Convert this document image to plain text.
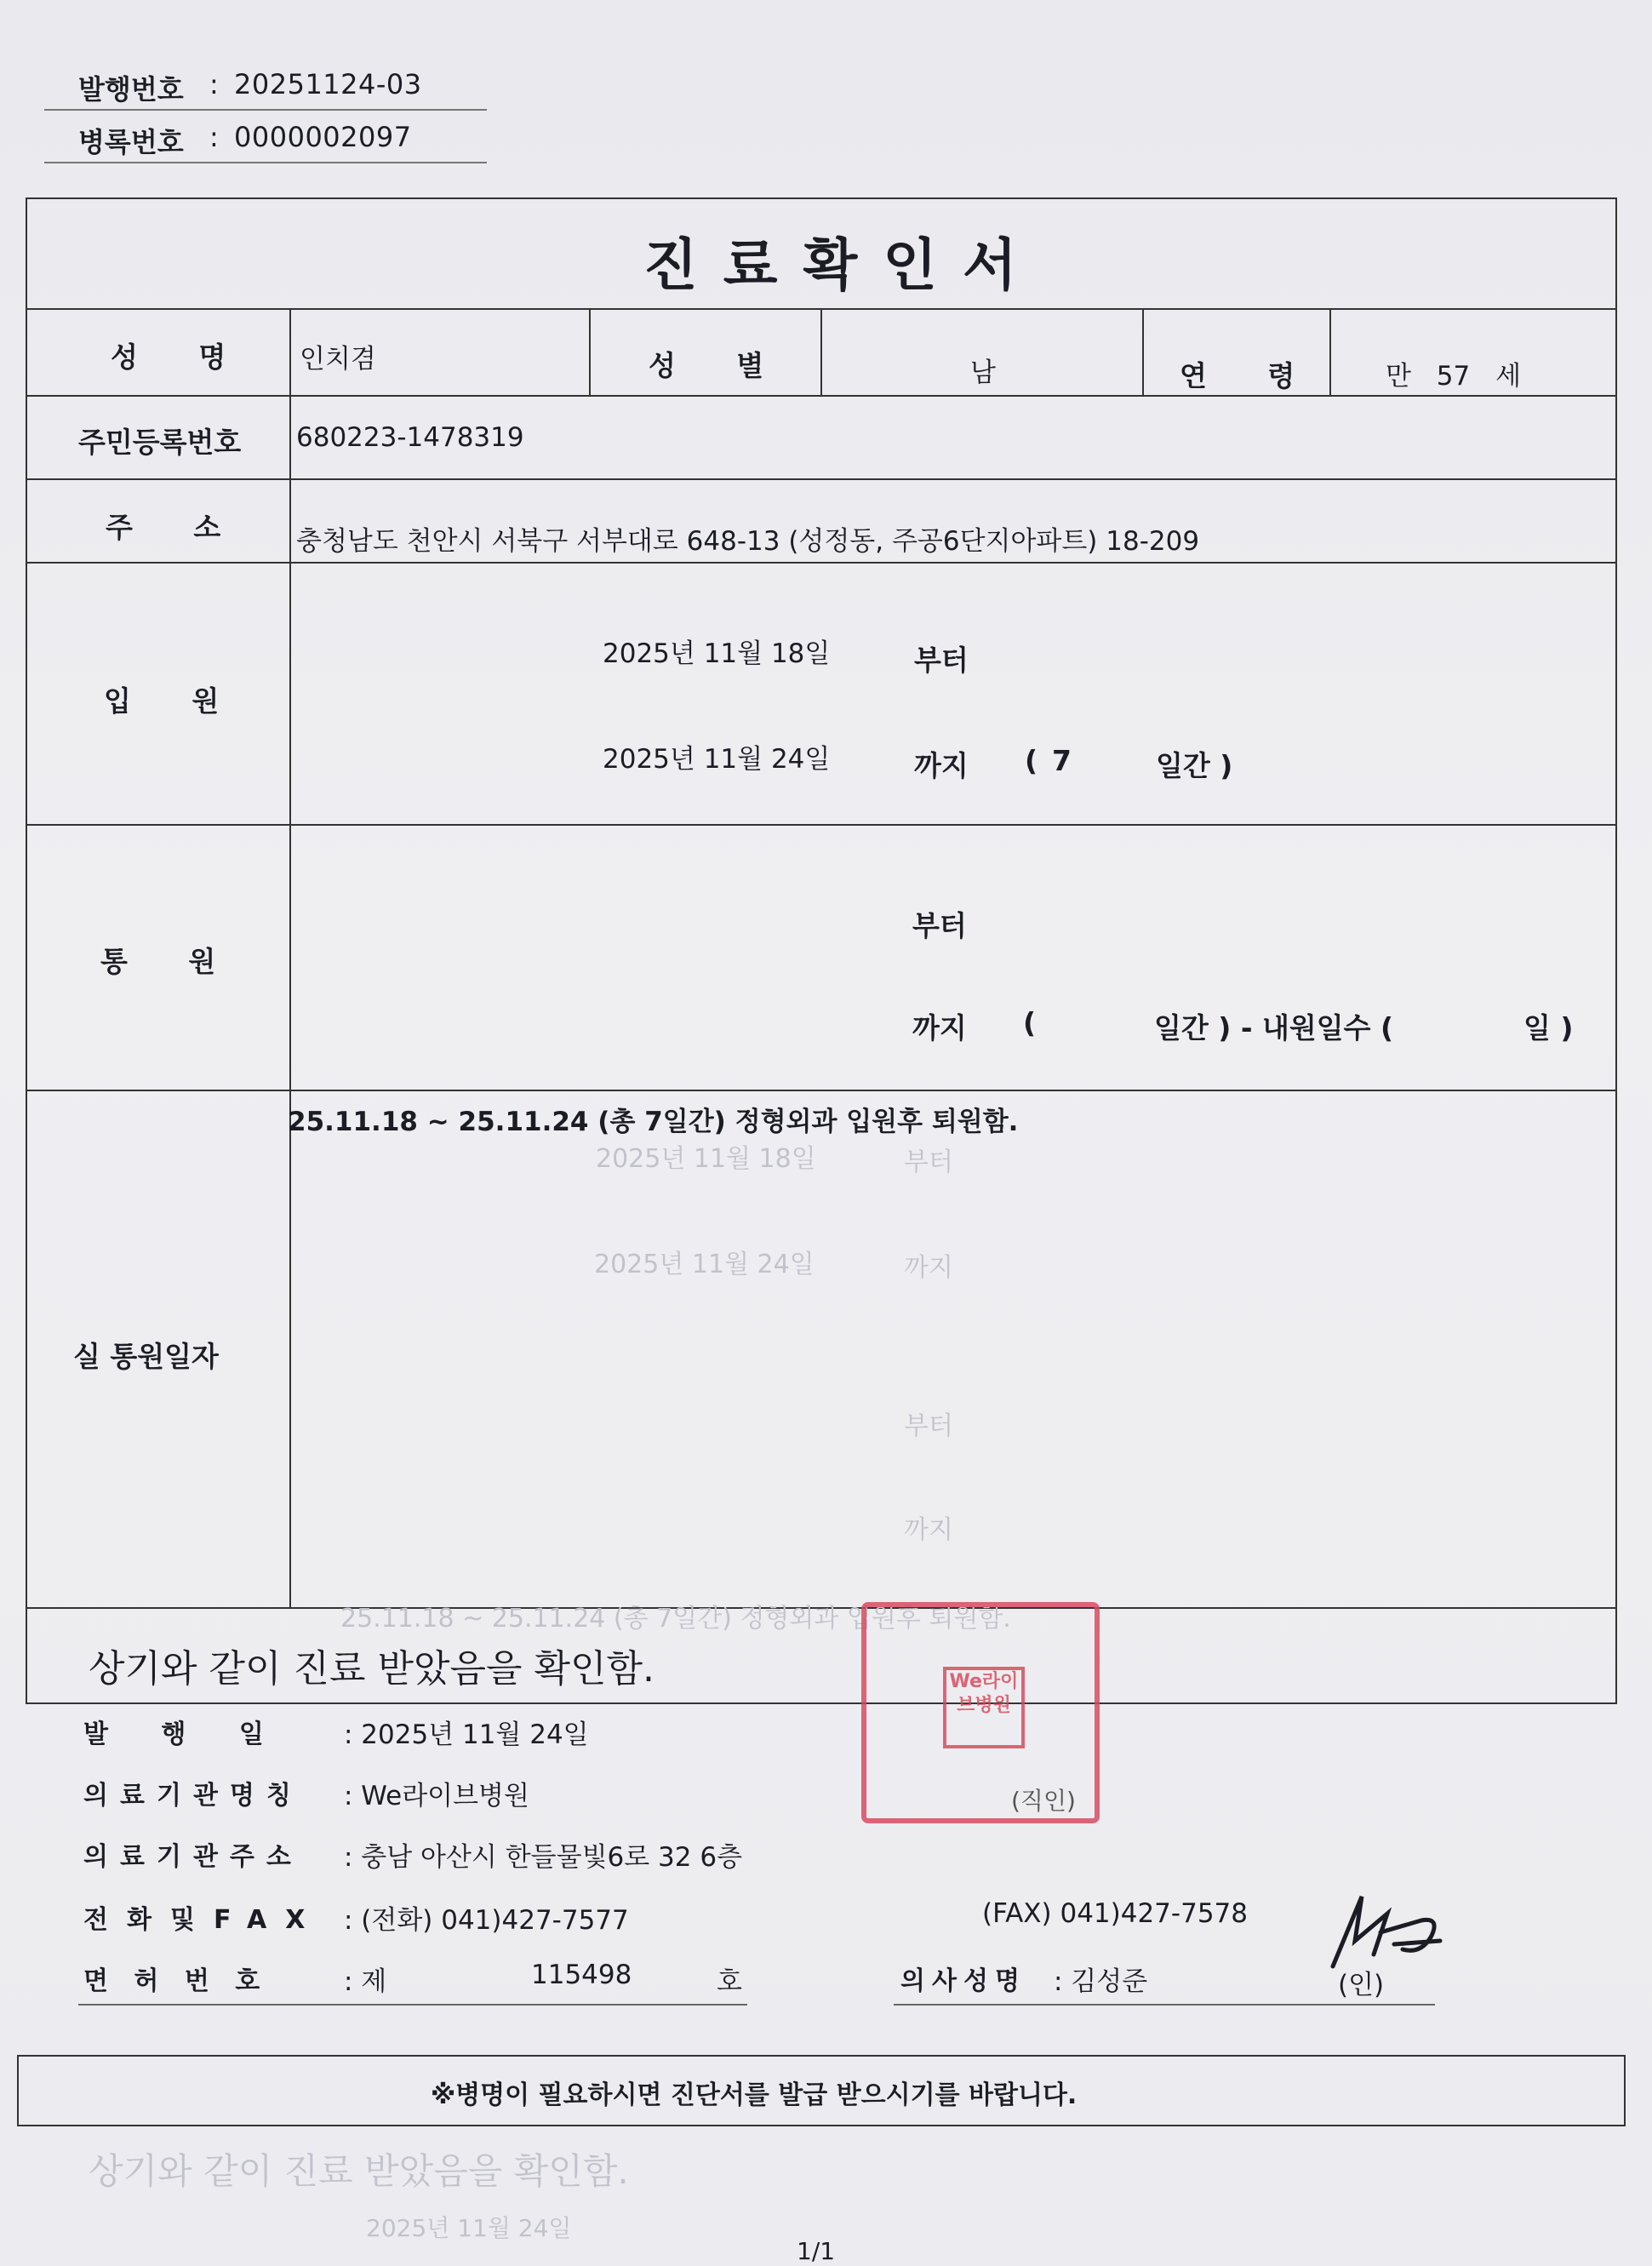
발행번호 : 20251124-03
병록번호 : 0000002097
진료확인서
성 명	인치겸	성 별	남	연 령	만 57 세
주민등록번호 680223-1478319
주 소	충청남도 천안시 서북구 서부대로 648-13 (성정동, 주공6단지아파트) 18-209
입 원
2025년 11월 18일	부터
2025년 11월 24일	까지 ( 7	일간 )
통 원
부터
까지 (	일간 ) - 내원일수 (	일 )
실 통원일자
25.11.18 ~ 25.11.24 (총 7일간) 정형외과 입원후 퇴원함.
2025년 11월 18일	부터
2025년 11월 24일	까지
부터
까지
25.11.18 ~ 25.11.24 (총 7일간) 정형외과 입원후 퇴원함.
상기와 같이 진료 받았음을 확인함.
발 행 일 : 2025년 11월 24일
의료기관명칭 : We라이브병원
의료기관주소 : 충남 아산시 한들물빛6로 32 6층
전화및FAX : (전화) 041)427-7577	(FAX) 041)427-7578
면 허 번 호	: 제	115498	호	의사성명 : 김성준	(인)
We라이브병원
(직인)
※병명이 필요하시면 진단서를 발급 받으시기를 바랍니다.
상기와 같이 진료 받았음을 확인함.
2025년 11월 24일
1/1
